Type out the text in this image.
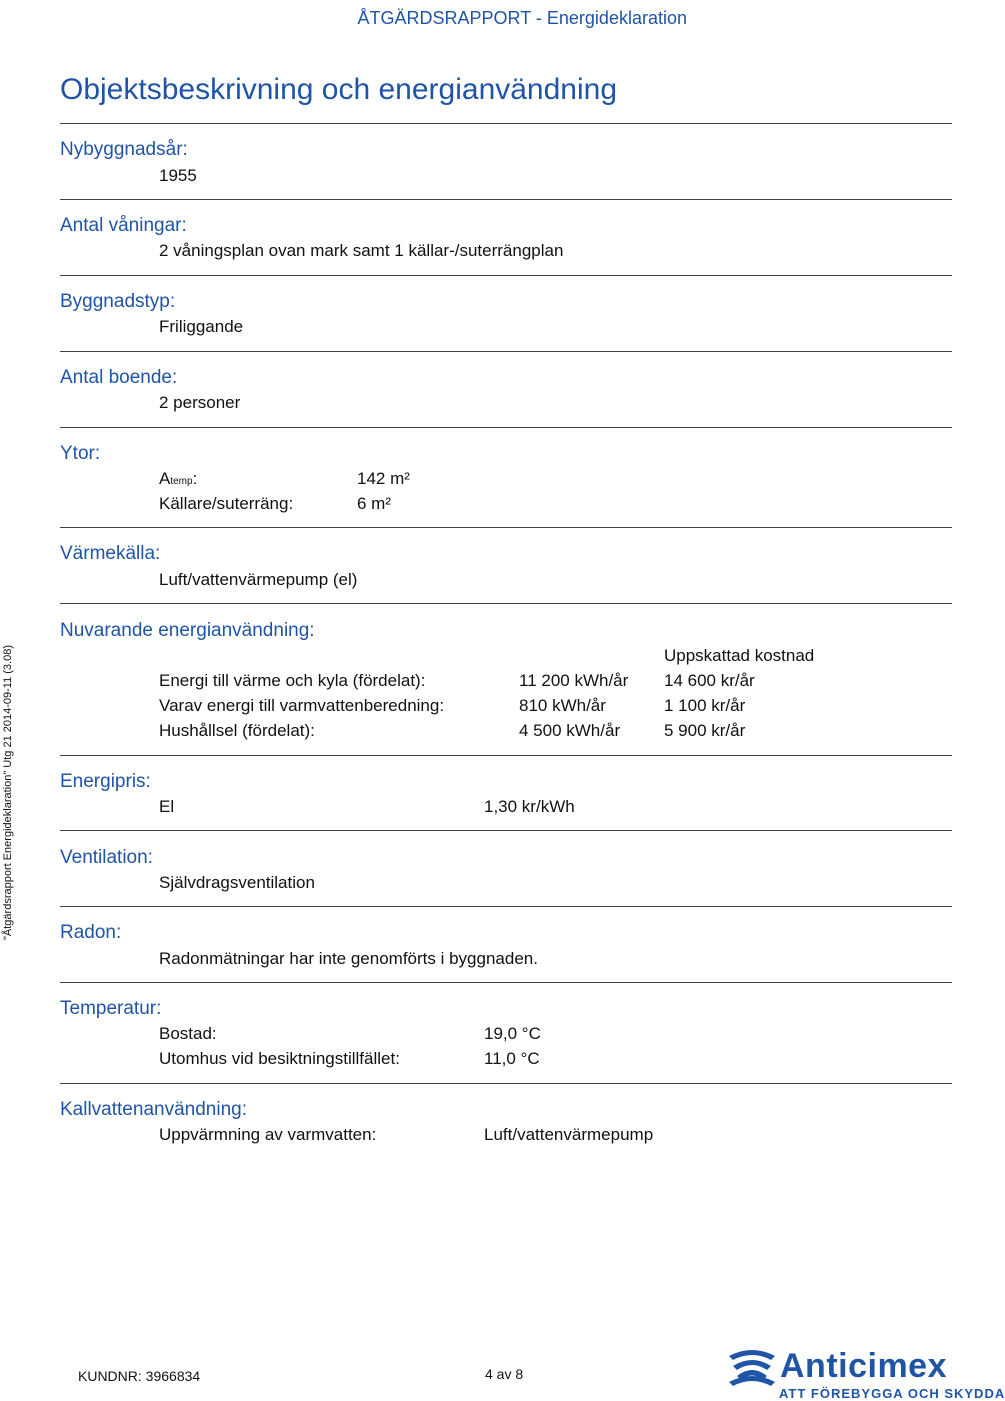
ÅTGÄRDSRAPPORT - Energideklaration
"Åtgärdsrapport Energideklaration" Utg 21 2014-09-11 (3.08)
Objektsbeskrivning och energianvändning
Nybyggnadsår:
1955
Antal våningar:
2 våningsplan ovan mark samt 1 källar-/suterrängplan
Byggnadstyp:
Friliggande
Antal boende:
2 personer
Ytor:
Atemp:	142 m²
Källare/suterräng:	6 m²
Värmekälla:
Luft/vattenvärmepump (el)
Nuvarande energianvändning:
Uppskattad kostnad
Energi till värme och kyla (fördelat):	11 200 kWh/år 14 600 kr/år
Varav energi till varmvattenberedning:	810 kWh/år	1 100 kr/år
Hushållsel (fördelat):	4 500 kWh/år	5 900 kr/år
Energipris:
El	1,30 kr/kWh
Ventilation:
Självdragsventilation
Radon:
Radonmätningar har inte genomförts i byggnaden.
Temperatur:
Bostad:	19,0 °C
Utomhus vid besiktningstillfället:	11,0 °C
Kallvattenanvändning:
Uppvärmning av varmvatten:	Luft/vattenvärmepump
KUNDNR: 3966834	4 av 8	Anticimex
ATT FÖREBYGGA OCH SKYDDA
